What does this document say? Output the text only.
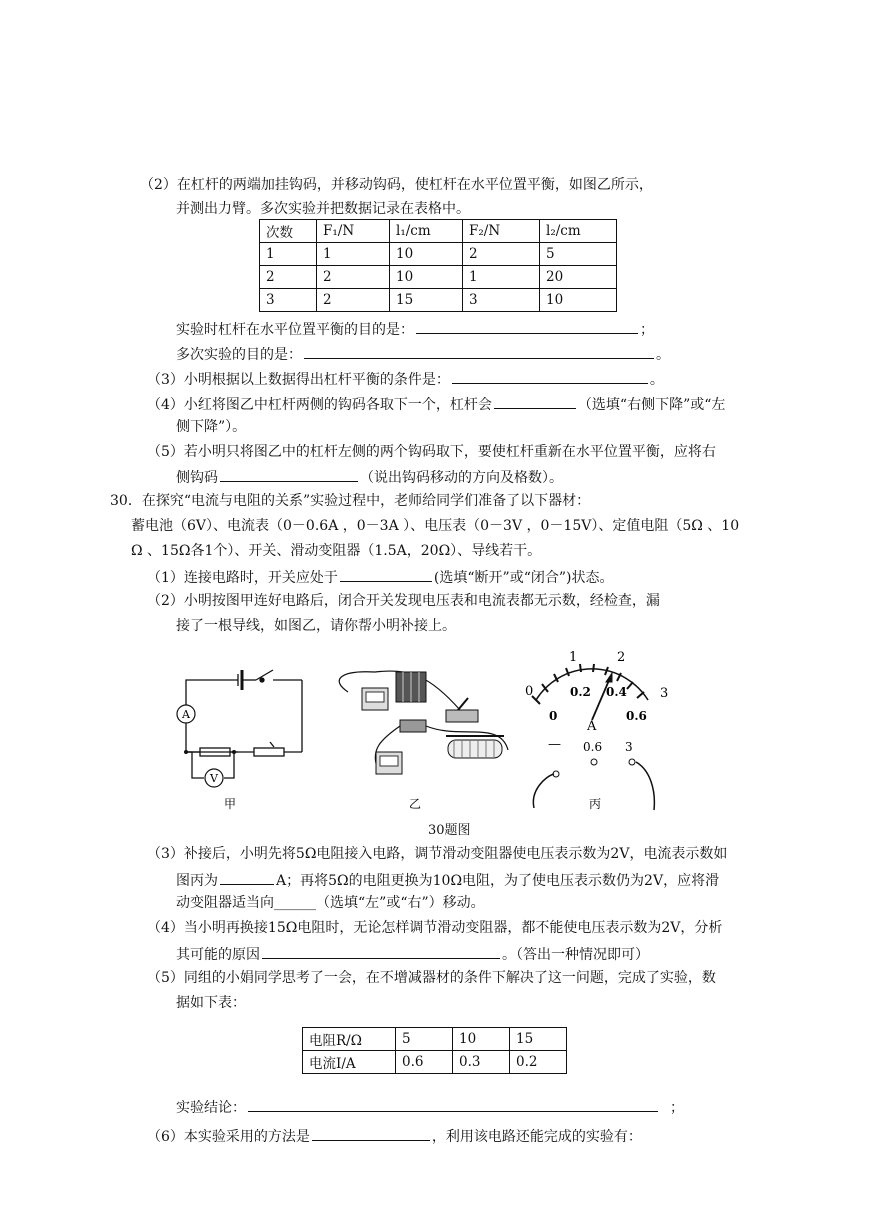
（2）在杠杆的两端加挂钩码，并移动钩码，使杠杆在水平位置平衡，如图乙所示，
并测出力臂。多次实验并把数据记录在表格中。
次数	F₁/N	l₁/cm	F₂/N	l₂/cm
1	1	10	2	5
2	2	10	1	20
3	2	15	3	10
实验时杠杆在水平位置平衡的目的是：	；
多次实验的目的是：	。
（3）小明根据以上数据得出杠杆平衡的条件是：	。
（4）小红将图乙中杠杆两侧的钩码各取下一个，杠杆会	（选填“右侧下降”或“左
侧下降”）。
（5）若小明只将图乙中的杠杆左侧的两个钩码取下，要使杠杆重新在水平位置平衡，应将右
侧钩码	（说出钩码移动的方向及格数）。
30．在探究“电流与电阻的关系”实验过程中，老师给同学们准备了以下器材：
蓄电池（6V）、电流表（0－0.6A ，0－3A ）、电压表（0－3V ，0－15V）、定值电阻（5Ω 、10
Ω 、15Ω各1个）、开关、滑动变阻器（1.5A，20Ω）、导线若干。
（1）连接电路时，开关应处于	(选填“断开”或“闭合”)状态。
（2）小明按图甲连好电路后，闭合开关发现电压表和电流表都无示数，经检查，漏
接了一根导线，如图乙，请你帮小明补接上。
A
V
甲	乙
0
1	2
3
0
0.2 0.4
0.6
A
— 0.6 3
丙
30题图
（3）补接后，小明先将5Ω电阻接入电路，调节滑动变阻器使电压表示数为2V，电流表示数如
图丙为	A；再将5Ω的电阻更换为10Ω电阻，为了使电压表示数仍为2V，应将滑
动变阻器适当向______（选填“左”或“右”）移动。
（4）当小明再换接15Ω电阻时，无论怎样调节滑动变阻器，都不能使电压表示数为2V，分析
其可能的原因	。（答出一种情况即可）
（5）同组的小娟同学思考了一会，在不增减器材的条件下解决了这一问题，完成了实验，数
据如下表：
电阻R/Ω	5	10	15
电流I/A	0.6	0.3	0.2
实验结论：	；
（6）本实验采用的方法是	，利用该电路还能完成的实验有：
